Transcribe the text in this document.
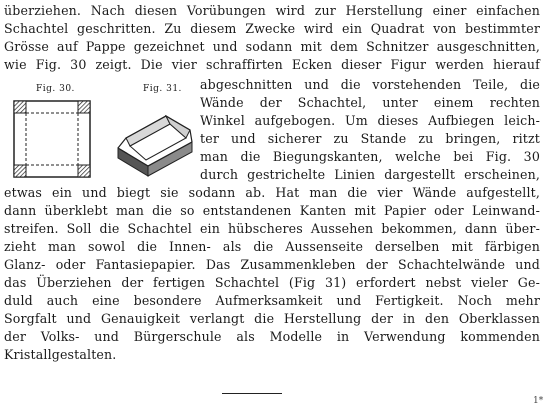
überziehen. Nach diesen Vorübungen wird zur Herstellung einer einfachen
Schachtel geschritten. Zu diesem Zwecke wird ein Quadrat von bestimmter
Grösse auf Pappe gezeichnet und sodann mit dem Schnitzer ausgeschnitten,
wie Fig. 30 zeigt. Die vier schraffirten Ecken dieser Figur werden hierauf
Fig. 30.	Fig. 31. abgeschnitten und die vorstehenden Teile, die
Wände der Schachtel, unter einem rechten
Winkel aufgebogen. Um dieses Aufbiegen leich-
ter und sicherer zu Stande zu bringen, ritzt
man die Biegungskanten, welche bei Fig. 30
durch gestrichelte Linien dargestellt erscheinen,
etwas ein und biegt sie sodann ab. Hat man die vier Wände aufgestellt,
dann überklebt man die so entstandenen Kanten mit Papier oder Leinwand-
streifen. Soll die Schachtel ein hübscheres Aussehen bekommen, dann über-
zieht man sowol die Innen- als die Aussenseite derselben mit färbigen
Glanz- oder Fantasiepapier. Das Zusammenkleben der Schachtelwände und
das Überziehen der fertigen Schachtel (Fig 31) erfordert nebst vieler Ge-
duld auch eine besondere Aufmerksamkeit und Fertigkeit. Noch mehr
Sorgfalt und Genauigkeit verlangt die Herstellung der in den Oberklassen
der Volks- und Bürgerschule als Modelle in Verwendung kommenden
Kristallgestalten.
1*
